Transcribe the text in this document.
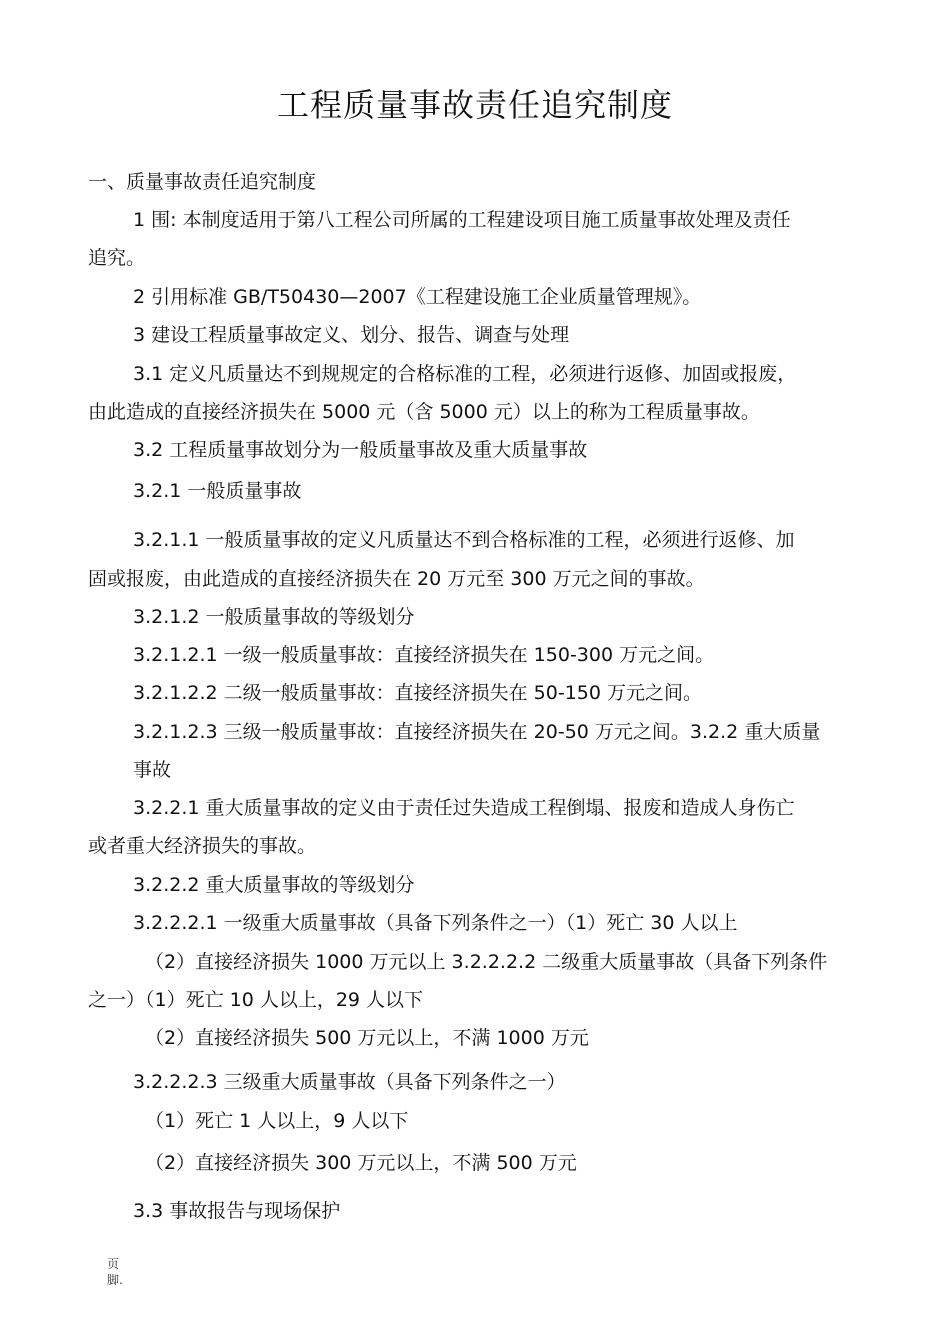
工程质量事故责任追究制度
一、质量事故责任追究制度
1 围: 本制度适用于第八工程公司所属的工程建设项目施工质量事故处理及责任
追究。
2 引用标准 GB/T50430—2007《工程建设施工企业质量管理规》。
3 建设工程质量事故定义、划分、报告、调查与处理
3.1 定义凡质量达不到规规定的合格标准的工程，必须进行返修、加固或报废，
由此造成的直接经济损失在 5000 元（含 5000 元）以上的称为工程质量事故。
3.2 工程质量事故划分为一般质量事故及重大质量事故
3.2.1 一般质量事故
3.2.1.1 一般质量事故的定义凡质量达不到合格标准的工程，必须进行返修、加
固或报废，由此造成的直接经济损失在 20 万元至 300 万元之间的事故。
3.2.1.2 一般质量事故的等级划分
3.2.1.2.1 一级一般质量事故：直接经济损失在 150-300 万元之间。
3.2.1.2.2 二级一般质量事故：直接经济损失在 50-150 万元之间。
3.2.1.2.3 三级一般质量事故：直接经济损失在 20-50 万元之间。3.2.2 重大质量
事故
3.2.2.1 重大质量事故的定义由于责任过失造成工程倒塌、报废和造成人身伤亡
或者重大经济损失的事故。
3.2.2.2 重大质量事故的等级划分
3.2.2.2.1 一级重大质量事故（具备下列条件之一）（1）死亡 30 人以上
（2）直接经济损失 1000 万元以上 3.2.2.2.2 二级重大质量事故（具备下列条件
之一）（1）死亡 10 人以上，29 人以下
（2）直接经济损失 500 万元以上，不满 1000 万元
3.2.2.2.3 三级重大质量事故（具备下列条件之一）
（1）死亡 1 人以上，9 人以下
（2）直接经济损失 300 万元以上，不满 500 万元
3.3 事故报告与现场保护
页
脚.
